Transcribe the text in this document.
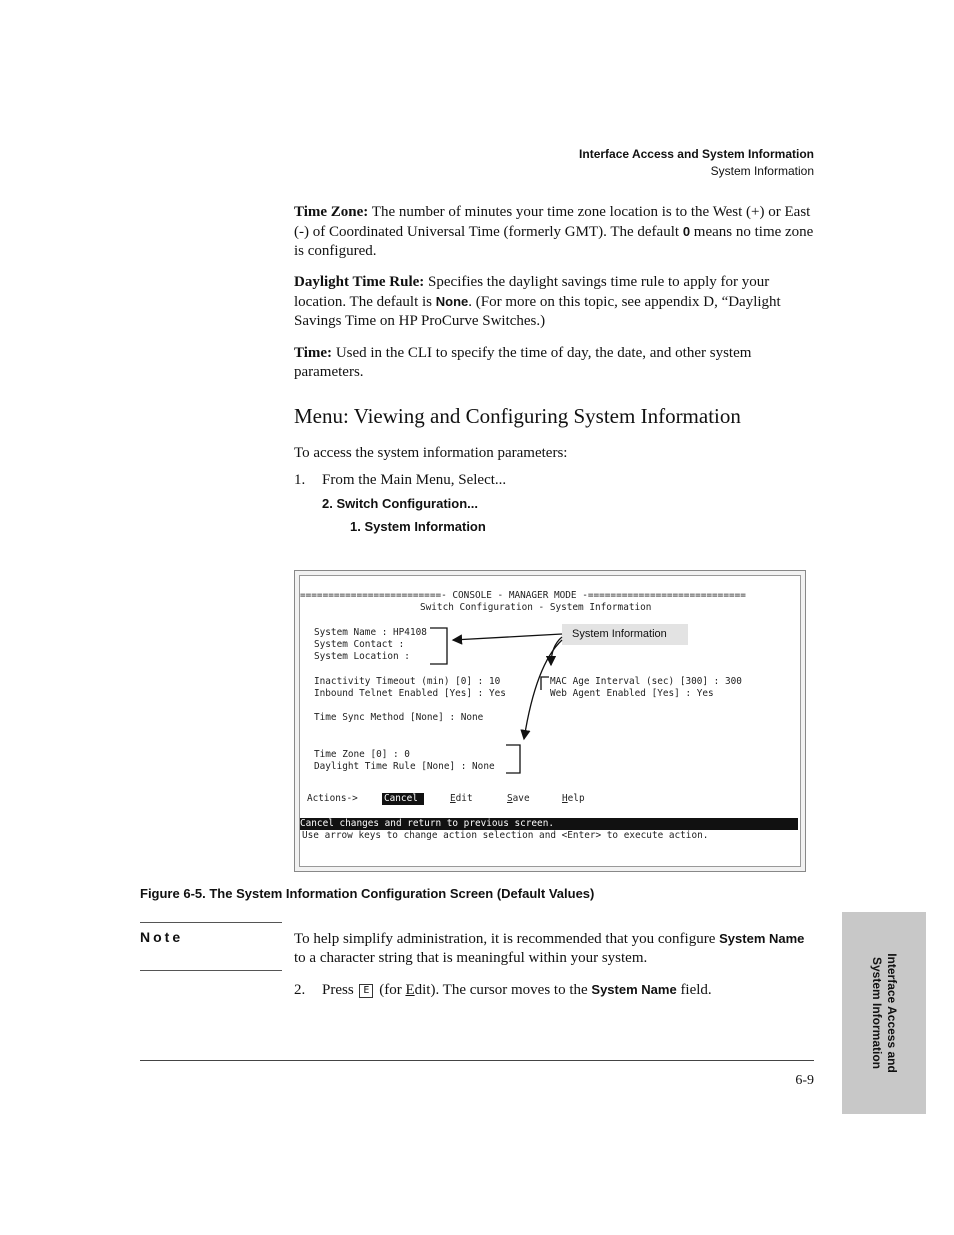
Interface Access and System Information
System Information
Time Zone: The number of minutes your time zone location is to the West (+) or East (-) of Coordinated Universal Time (formerly GMT). The default 0 means no time zone is configured.
Daylight Time Rule: Specifies the daylight savings time rule to apply for your location. The default is None. (For more on this topic, see appendix D, “Daylight Savings Time on HP ProCurve Switches.)
Time: Used in the CLI to specify the time of day, the date, and other system parameters.
Menu: Viewing and Configuring System Information
To access the system information parameters:
1. From the Main Menu, Select...
2. Switch Configuration...
1. System Information
=========================- CONSOLE - MANAGER MODE -============================
Switch Configuration - System Information
System Name : HP4108
System Contact :
System Location :
Inactivity Timeout (min) [0] : 10
Inbound Telnet Enabled [Yes] : Yes
MAC Age Interval (sec) [300] : 300
Web Agent Enabled [Yes] : Yes
Time Sync Method [None] : None
Time Zone [0] : 0
Daylight Time Rule [None] : None
Actions->	Cancel	Edit	Save	Help
Cancel changes and return to previous screen.
Use arrow keys to change action selection and <Enter> to execute action.
System Information
Figure 6-5. The System Information Configuration Screen (Default Values)
Note	To help simplify administration, it is recommended that you configure System Name to a character string that is meaningful within your system.
2. Press E (for Edit). The cursor moves to the System Name field.	Interface Access and
System Information
6-9
